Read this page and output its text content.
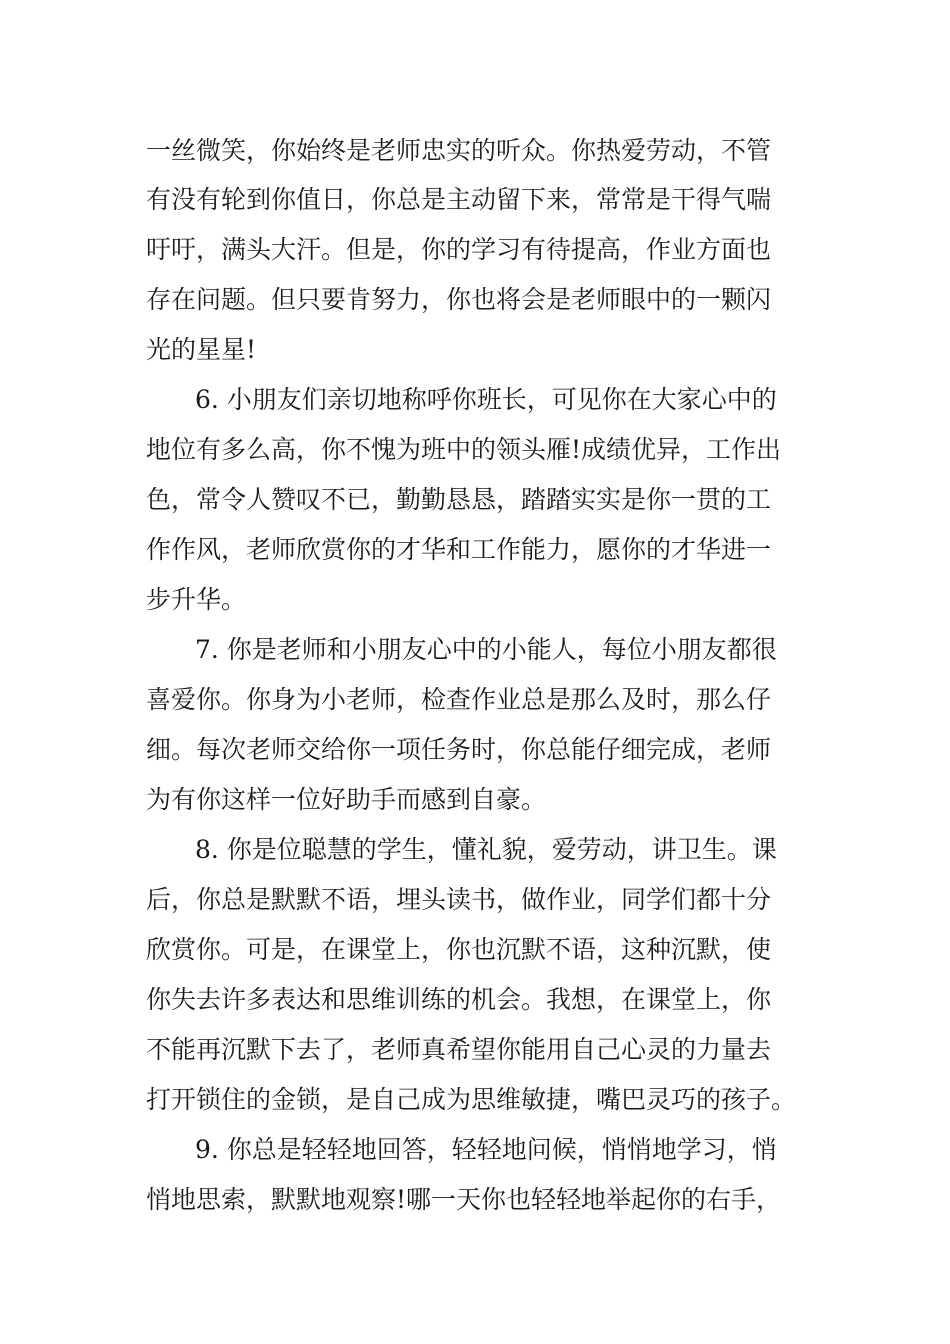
一丝微笑，你始终是老师忠实的听众。你热爱劳动，不管
有没有轮到你值日，你总是主动留下来，常常是干得气喘
吁吁，满头大汗。但是，你的学习有待提高，作业方面也
存在问题。但只要肯努力，你也将会是老师眼中的一颗闪
光的星星!
6. 小朋友们亲切地称呼你班长，可见你在大家心中的
地位有多么高，你不愧为班中的领头雁!成绩优异，工作出
色，常令人赞叹不已，勤勤恳恳，踏踏实实是你一贯的工
作作风，老师欣赏你的才华和工作能力，愿你的才华进一
步升华。
7. 你是老师和小朋友心中的小能人，每位小朋友都很
喜爱你。你身为小老师，检查作业总是那么及时，那么仔
细。每次老师交给你一项任务时，你总能仔细完成，老师
为有你这样一位好助手而感到自豪。
8. 你是位聪慧的学生，懂礼貌，爱劳动，讲卫生。课
后，你总是默默不语，埋头读书，做作业，同学们都十分
欣赏你。可是，在课堂上，你也沉默不语，这种沉默，使
你失去许多表达和思维训练的机会。我想，在课堂上，你
不能再沉默下去了，老师真希望你能用自己心灵的力量去
打开锁住的金锁，是自己成为思维敏捷，嘴巴灵巧的孩子。
9. 你总是轻轻地回答，轻轻地问候，悄悄地学习，悄
悄地思索，默默地观察!哪一天你也轻轻地举起你的右手，
